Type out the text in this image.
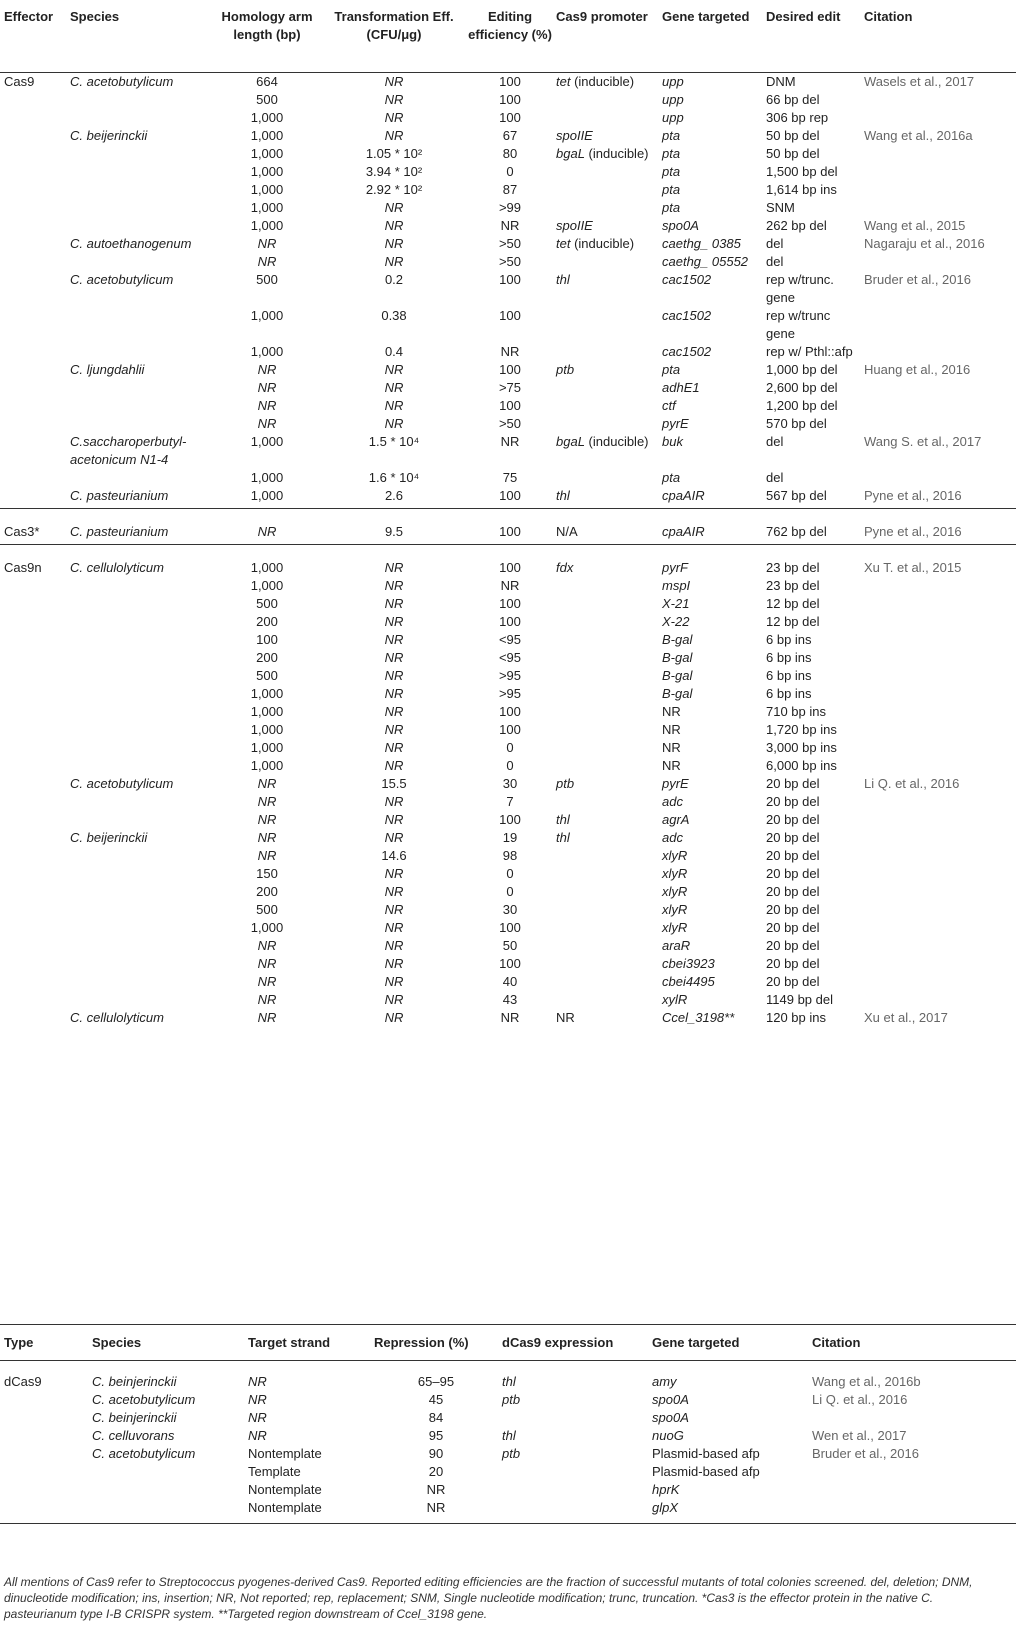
Effector	Species	Homology arm length (bp)	Transformation Eff. (CFU/μg)	Editing efficiency (%)	Cas9 promoter	Gene targeted	Desired edit	Citation
Cas9	C. acetobutylicum	664	NR	100	tet (inducible)	upp	DNM	Wasels et al., 2017
		500	NR	100		upp	66 bp del	
		1,000	NR	100		upp	306 bp rep	
	C. beijerinckii	1,000	NR	67	spoIIE	pta	50 bp del	Wang et al., 2016a
		1,000	1.05 * 10²	80	bgaL (inducible)	pta	50 bp del	
		1,000	3.94 * 10²	0		pta	1,500 bp del	
		1,000	2.92 * 10²	87		pta	1,614 bp ins	
		1,000	NR	>99		pta	SNM	
		1,000	NR	NR	spoIIE	spo0A	262 bp del	Wang et al., 2015
	C. autoethanogenum	NR	NR	>50	tet (inducible)	caethg_ 0385	del	Nagaraju et al., 2016
		NR	NR	>50		caethg_ 05552	del	
	C. acetobutylicum	500	0.2	100	thl	cac1502	rep w/trunc. gene	Bruder et al., 2016
		1,000	0.38	100		cac1502	rep w/trunc gene	
		1,000	0.4	NR		cac1502	rep w/ Pthl::afp	
	C. ljungdahlii	NR	NR	100	ptb	pta	1,000 bp del	Huang et al., 2016
		NR	NR	>75		adhE1	2,600 bp del	
		NR	NR	100		ctf	1,200 bp del	
		NR	NR	>50		pyrE	570 bp del	
	C.saccharoperbutyl- acetonicum N1-4	1,000	1.5 * 10⁴	NR	bgaL (inducible)	buk	del	Wang S. et al., 2017
		1,000	1.6 * 10⁴	75		pta	del	
	C. pasteurianium	1,000	2.6	100	thl	cpaAIR	567 bp del	Pyne et al., 2016
Cas3*	C. pasteurianium	NR	9.5	100	N/A	cpaAIR	762 bp del	Pyne et al., 2016
Cas9n	C. cellulolyticum	1,000	NR	100	fdx	pyrF	23 bp del	Xu T. et al., 2015
		1,000	NR	NR		mspI	23 bp del	
		500	NR	100		X-21	12 bp del	
		200	NR	100		X-22	12 bp del	
		100	NR	<95		B-gal	6 bp ins	
		200	NR	<95		B-gal	6 bp ins	
		500	NR	>95		B-gal	6 bp ins	
		1,000	NR	>95		B-gal	6 bp ins	
		1,000	NR	100		NR	710 bp ins	
		1,000	NR	100		NR	1,720 bp ins	
		1,000	NR	0		NR	3,000 bp ins	
		1,000	NR	0		NR	6,000 bp ins	
	C. acetobutylicum	NR	15.5	30	ptb	pyrE	20 bp del	Li Q. et al., 2016
		NR	NR	7		adc	20 bp del	
		NR	NR	100	thl	agrA	20 bp del	
	C. beijerinckii	NR	NR	19	thl	adc	20 bp del	
		NR	14.6	98		xlyR	20 bp del	
		150	NR	0		xlyR	20 bp del	
		200	NR	0		xlyR	20 bp del	
		500	NR	30		xlyR	20 bp del	
		1,000	NR	100		xlyR	20 bp del	
		NR	NR	50		araR	20 bp del	
		NR	NR	100		cbei3923	20 bp del	
		NR	NR	40		cbei4495	20 bp del	
		NR	NR	43		xylR	1149 bp del	
	C. cellulolyticum	NR	NR	NR	NR	Ccel_3198**	120 bp ins	Xu et al., 2017
Type	Species	Target strand	Repression (%)	dCas9 expression	Gene targeted	Citation
dCas9	C. beinjerinckii	NR	65–95	thl	amy	Wang et al., 2016b
	C. acetobutylicum	NR	45	ptb	spo0A	Li Q. et al., 2016
	C. beinjerinckii	NR	84		spo0A	
	C. celluvorans	NR	95	thl	nuoG	Wen et al., 2017
	C. acetobutylicum	Nontemplate	90	ptb	Plasmid-based afp	Bruder et al., 2016
		Template	20		Plasmid-based afp	
		Nontemplate	NR		hprK	
		Nontemplate	NR		glpX	
All mentions of Cas9 refer to Streptococcus pyogenes-derived Cas9. Reported editing efficiencies are the fraction of successful mutants of total colonies screened. del, deletion; DNM, dinucleotide modification; ins, insertion; NR, Not reported; rep, replacement; SNM, Single nucleotide modification; trunc, truncation. *Cas3 is the effector protein in the native C. pasteurianum type I-B CRISPR system. **Targeted region downstream of Ccel_3198 gene.
